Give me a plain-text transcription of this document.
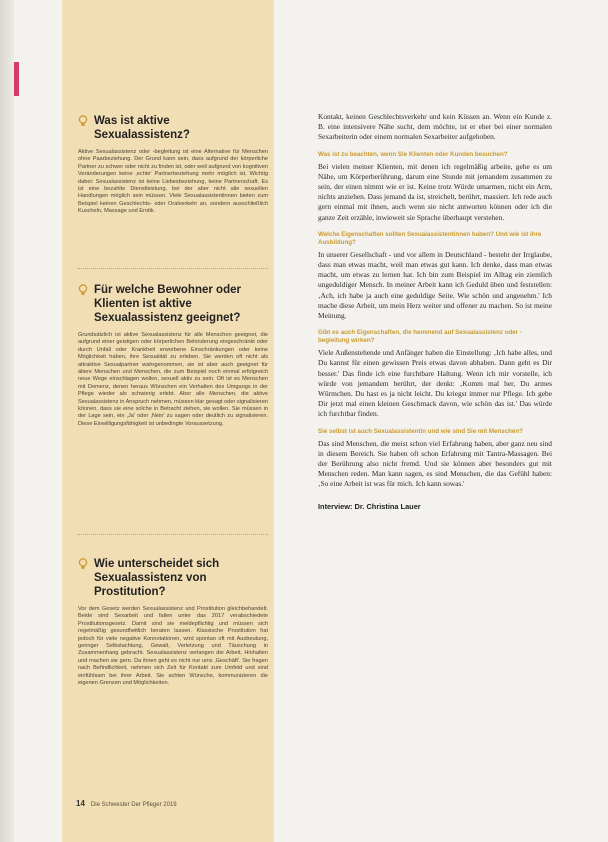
Was ist aktive Sexualassistenz?

Aktive Sexualassistenz oder -begleitung ist eine Alternative für Menschen ohne Paarbeziehung. Der Grund kann sein, dass aufgrund der körperliche Partner zu schwer oder nicht zu finden ist, oder weil aufgrund von kognitiven Veränderungen keine ‚echte' Partnerbeziehung mehr möglich ist. Wichtig dabei: Sexualassistenz ist keine Liebesbeziehung, keine Partnerschaft. Es ist eine bezahlte Dienstleistung, bei der aber nicht alle sexuellen Handlungen möglich sein müssen. Viele Sexualassistentinnen bieten zum Beispiel keinen Geschlechts- oder Oralverkehr an, sondern ausschließlich Kuscheln, Massage und Erotik.

Für welche Bewohner oder Klienten ist aktive Sexualassistenz geeignet?

Grundsätzlich ist aktive Sexualassistenz für alle Menschen geeignet, die aufgrund einer geistigen oder körperlichen Behinderung eingeschränkt oder durch Unfall oder Krankheit erworbene Einschränkungen oder keine Möglichkeit haben, ihre Sexualität zu erleben. Sie werden oft nicht als attraktive Sexualpartner wahrgenommen, sie ist aber auch geeignet für ältere Menschen und Menschen, die zum Beispiel noch einmal erfolgreich neue Wege einschlagen wollen, sexuell aktiv zu sein. Oft ist es Menschen mit Demenz, denen heraus Wünschen ein Verhalten des Umgangs in der Pflege wieder als schwierig erlebt. Aber alle Menschen, die aktive Sexualassistenz in Anspruch nehmen, müssen klar gesagt oder signalisieren können, dass sie eine solche in Betracht ziehen, sie wollen. Sie müssen in der Lage sein, ein ‚Ja' oder ‚Nein' zu sagen oder deutlich zu signalisieren. Diese Einwilligungsfähigkeit ist unbedingte Voraussetzung.

Wie unterscheidet sich Sexualassistenz von Prostitution?

Vor dem Gesetz werden Sexualassistenz und Prostitution gleichbehandelt. Beide sind Sexarbeit und fallen unter das 2017 verabschiedete Prostitutionsgesetz. Damit sind sie meldepflichtig und müssen sich regelmäßig gesundheitlich beraten lassen. Klassische Prostitution hat jedoch für viele negative Konnotationen, wird spontan oft mit Ausbeutung, geringer Selbstachtung, Gewalt, Verletzung und Täuschung in Zusammenhang gebracht. Sexualassistenz verlangen die Arbeit, Hinhalten und machen sie gern. Da ihnen geht es nicht nur ums ‚Geschäft'. Sie fragen nach Befindlichkeit, nehmen sich Zeit für Kontakt zum Umfeld und sind einfühlsam bei ihrer Arbeit. Sie achten Wünsche, kommunizieren die eigenen Grenzen und Möglichkeiten.

Kontakt, keinen Geschlechtsverkehr und kein Küssen an. Wenn ein Kunde z. B. eine intensivere Nähe sucht, dem möchte, ist er eher bei einer normalen Sexarbeiterin oder einem normalen Sexarbeiter aufgehoben.

Was ist zu beachten, wenn Sie Klienten oder Kunden besuchen?

Bei vielen meiner Klienten, mit denen ich regelmäßig arbeite, gehe es um Nähe, um Körperberührung, darum eine Stunde mit jemandem zusammen zu sein, der einen nimmt wie er ist. Keine trotz Würde umarmen, nicht ein Arm, nichts anziehen. Dass jemand da ist, streichelt, berührt, massiert. Ich rede auch gern einmal mit ihnen, auch wenn sie nicht antworten können oder ich die ganze Zeit erzähle, inwieweit sie Sprache überhaupt verstehen.

Welche Eigenschaften sollten Sexualassistentinnen haben? Und wie ist ihre Ausbildung?

In unserer Gesellschaft - und vor allem in Deutschland - besteht der Irrglaube, dass man etwas macht, weil man etwas gut kann. Ich denke, dass man etwas macht, um etwas zu lernen hat. Ich bin zum Beispiel im Alltag ein ziemlich ungeduldiger Mensch. In meiner Arbeit kann ich Geduld üben und feststellen: ‚Ach, ich habe ja auch eine geduldige Seite. Wie schön und angenehm.' Ich mache diese Arbeit, um mein Herz weiter und offener zu machen. So ist meine Meinung.

Gibt es auch Eigenschaften, die hemmend auf Sexualassistenz oder -begleitung wirken?

Viele Außenstehende und Anfänger haben die Einstellung: ‚Ich habe alles, und Du kannst für einen gewissen Preis etwas davon abhaben. Dann geht es Dir besser.' Das finde ich eine furchtbare Haltung. Wenn ich mir vorstelle, ich würde von jemandem berührt, der denkt: ‚Komm mal her, Du armes Würmchen. Du hast es ja nicht leicht. Du kriegst immer nur Pflege. Ich gebe Dir jetzt mal einen kleinen Geschmack davon, wie schön das ist.' Das würde ich furchtbar finden.

Sie selbst ist auch Sexualassistentin und wie sind Sie mit Menschen?

Das sind Menschen, die meist schon viel Erfahrung haben, aber ganz neu sind in diesem Bereich. Sie haben oft schon Erfahrung mit Tantra-Massagen. Bei der Berührung also nicht fremd. Und sie können aber besonders gut mit Menschen reden. Man kann sagen, es sind Menschen, die das Gefühl haben: ‚So eine Arbeit ist was für mich. Ich kann sowas.'

Interview: Dr. Christina Lauer
14 Die Schwester Der Pfleger 2019
